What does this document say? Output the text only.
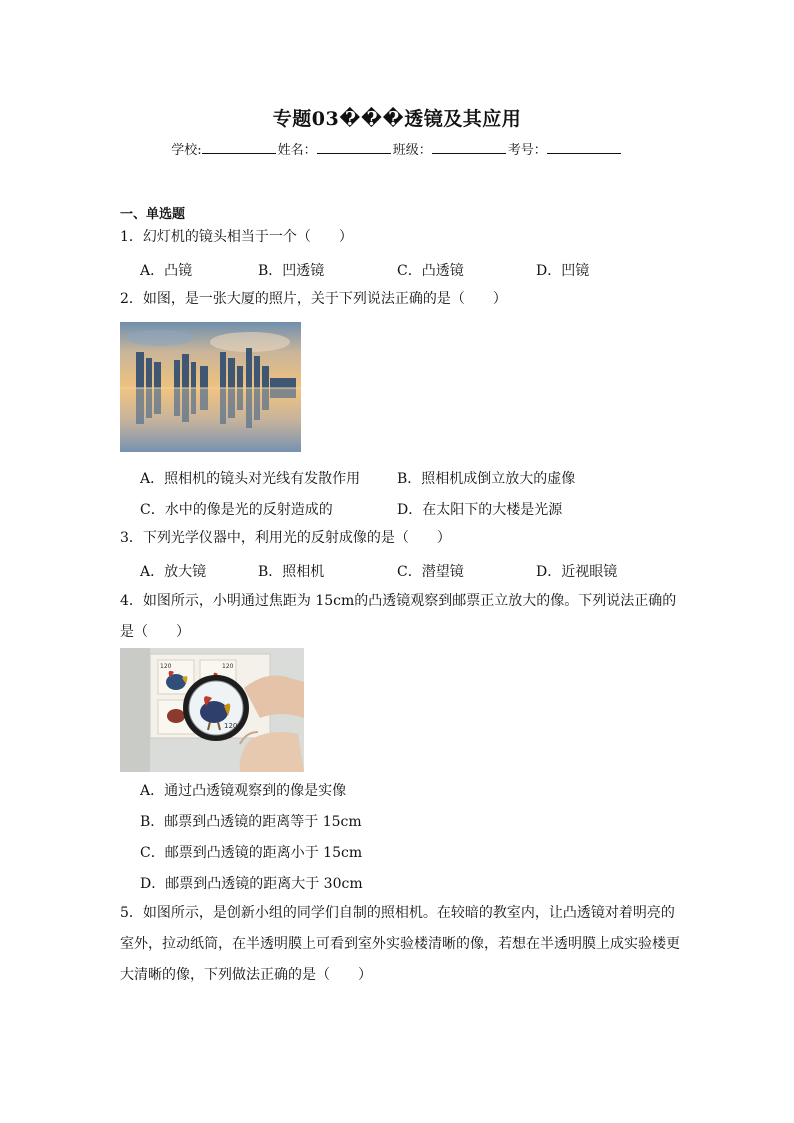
专题03���透镜及其应用
学校:	姓名：	班级：	考号：
一、单选题
1．幻灯机的镜头相当于一个（　　）
A．凸镜	B．凹透镜	C．凸透镜	D．凹镜
2．如图，是一张大厦的照片，关于下列说法正确的是（　　）
A．照相机的镜头对光线有发散作用	B．照相机成倒立放大的虚像
C．水中的像是光的反射造成的	D．在太阳下的大楼是光源
3．下列光学仪器中，利用光的反射成像的是（　　）
A．放大镜	B．照相机	C．潜望镜	D．近视眼镜
4．如图所示，小明通过焦距为 15cm的凸透镜观察到邮票正立放大的像。下列说法正确的
是（　　）
120	120
120
A．通过凸透镜观察到的像是实像
B．邮票到凸透镜的距离等于 15cm
C．邮票到凸透镜的距离小于 15cm
D．邮票到凸透镜的距离大于 30cm
5．如图所示，是创新小组的同学们自制的照相机。在较暗的教室内，让凸透镜对着明亮的
室外，拉动纸筒，在半透明膜上可看到室外实验楼清晰的像，若想在半透明膜上成实验楼更
大清晰的像，下列做法正确的是（　　）
